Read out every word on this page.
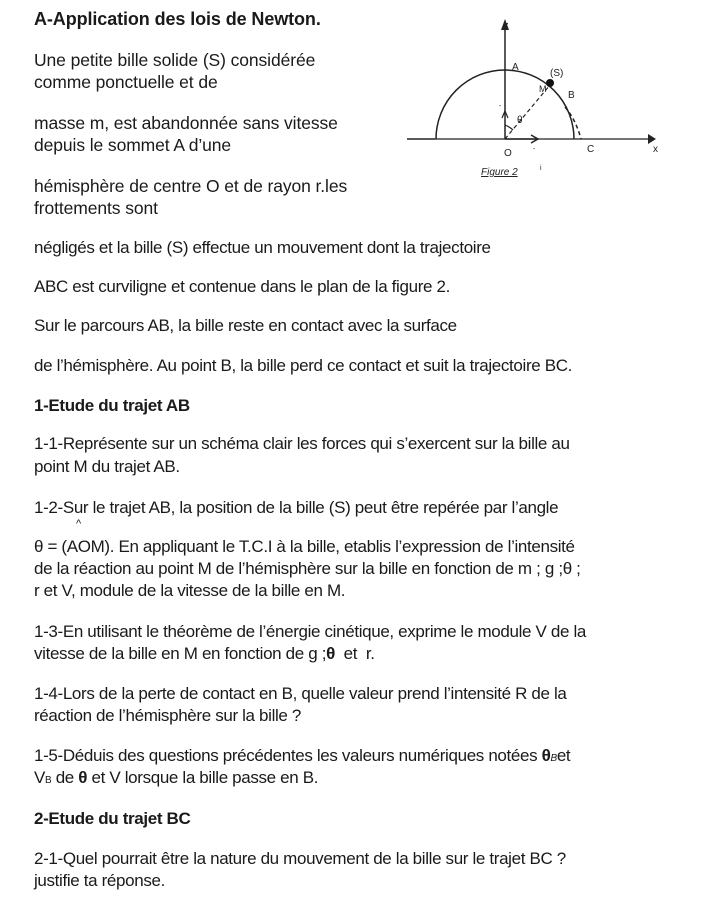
A-Application des lois de Newton.

Une petite bille solide (S) considérée

comme ponctuelle et de

masse m, est abandonnée sans vitesse

depuis le sommet A d’une

hémisphère de centre O et de rayon r.les

frottements sont

A
(S)
M
B
θ
O	C	x
z
-
-
i
Figure 2

négligés et la bille (S) effectue un mouvement dont la trajectoire

ABC est curviligne et contenue dans le plan de la figure 2.

Sur le parcours AB, la bille reste en contact avec la surface

de l’hémisphère. Au point B, la bille perd ce contact et suit la trajectoire BC.

1-Etude du trajet AB

1-1-Représente sur un schéma clair les forces qui s’exercent sur la bille au

point M du trajet AB.

1-2-Sur le trajet AB, la position de la bille (S) peut être repérée par l’angle

^

θ = (AOM). En appliquant le T.C.I à la bille, etablis l’expression de l’intensité

de la réaction au point M de l’hémisphère sur la bille en fonction de m ; g ;θ ;

r et V, module de la vitesse de la bille en M.

1-3-En utilisant le théorème de l’énergie cinétique, exprime le module V de la

vitesse de la bille en M en fonction de g ;θ  et  r.

1-4-Lors de la perte de contact en B, quelle valeur prend l’intensité R de la

réaction de l’hémisphère sur la bille ?

1-5-Déduis des questions précédentes les valeurs numériques notées θBet

VB de θ et V lorsque la bille passe en B.

2-Etude du trajet BC

2-1-Quel pourrait être la nature du mouvement de la bille sur le trajet BC ?

justifie ta réponse.
